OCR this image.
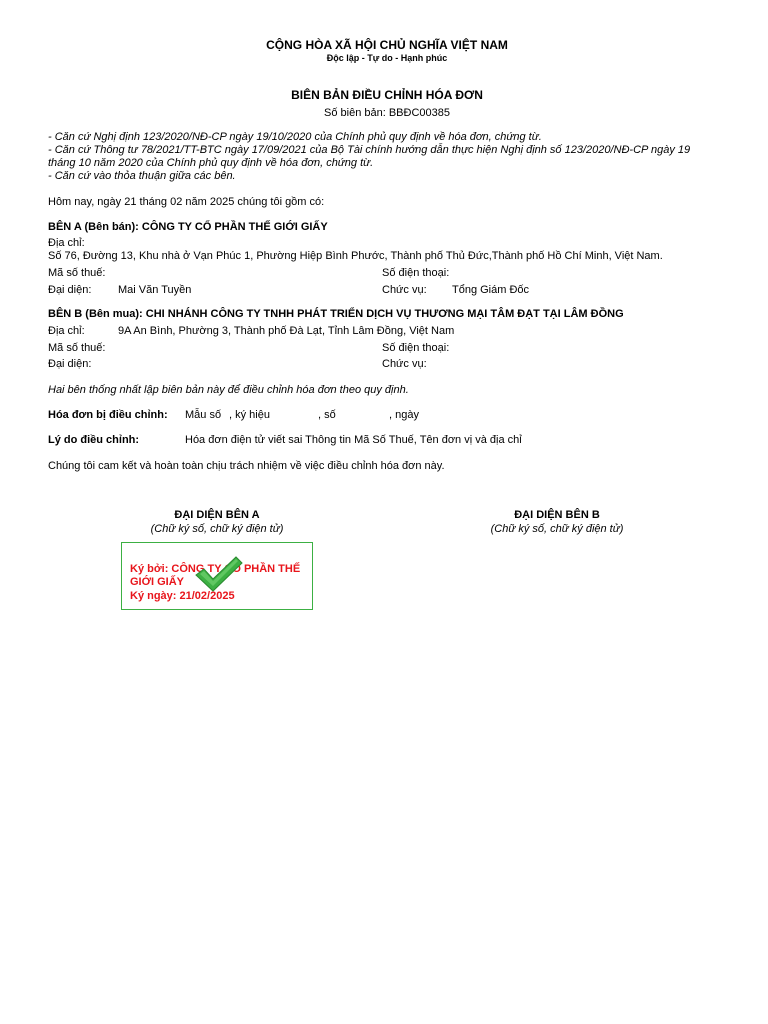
CỘNG HÒA XÃ HỘI CHỦ NGHĨA VIỆT NAM
Độc lập - Tự do - Hạnh phúc
BIÊN BẢN ĐIỀU CHỈNH HÓA ĐƠN
Số biên bản: BBĐC00385
- Căn cứ Nghị định 123/2020/NĐ-CP ngày 19/10/2020 của Chính phủ quy định về hóa đơn, chứng từ.
- Căn cứ Thông tư 78/2021/TT-BTC ngày 17/09/2021 của Bộ Tài chính hướng dẫn thực hiện Nghị định số 123/2020/NĐ-CP ngày 19
tháng 10 năm 2020 của Chính phủ quy định về hóa đơn, chứng từ.
- Căn cứ vào thỏa thuận giữa các bên.
Hôm nay, ngày 21 tháng 02 năm 2025 chúng tôi gồm có:
BÊN A (Bên bán): CÔNG TY CỔ PHẦN THẾ GIỚI GIẤY
Địa chỉ:
Số 76, Đường 13, Khu nhà ở Vạn Phúc 1, Phường Hiệp Bình Phước, Thành phố Thủ Đức,Thành phố Hồ Chí Minh, Việt Nam.
Mã số thuế:	Số điện thoại:
Đại diện: Mai Văn Tuyền	Chức vụ: Tổng Giám Đốc
BÊN B (Bên mua): CHI NHÁNH CÔNG TY TNHH PHÁT TRIỂN DỊCH VỤ THƯƠNG MẠI TÂM ĐẠT TẠI LÂM ĐỒNG
Địa chỉ:	9A An Bình, Phường 3, Thành phố Đà Lạt, Tỉnh Lâm Đồng, Việt Nam
Mã số thuế:	Số điện thoại:
Đại diện:	Chức vụ:
Hai bên thống nhất lập biên bản này để điều chỉnh hóa đơn theo quy định.
Hóa đơn bị điều chỉnh: Mẫu số , ký hiệu	, số	, ngày
Lý do điều chỉnh:	Hóa đơn điện tử viết sai Thông tin Mã Số Thuế, Tên đơn vị và địa chỉ
Chúng tôi cam kết và hoàn toàn chịu trách nhiệm về việc điều chỉnh hóa đơn này.
ĐẠI DIỆN BÊN A
(Chữ ký số, chữ ký điện tử)
ĐẠI DIỆN BÊN B
(Chữ ký số, chữ ký điện tử)
Ký bởi: CÔNG TY CỔ PHẦN THẾ
GIỚI GIẤY
Ký ngày: 21/02/2025
